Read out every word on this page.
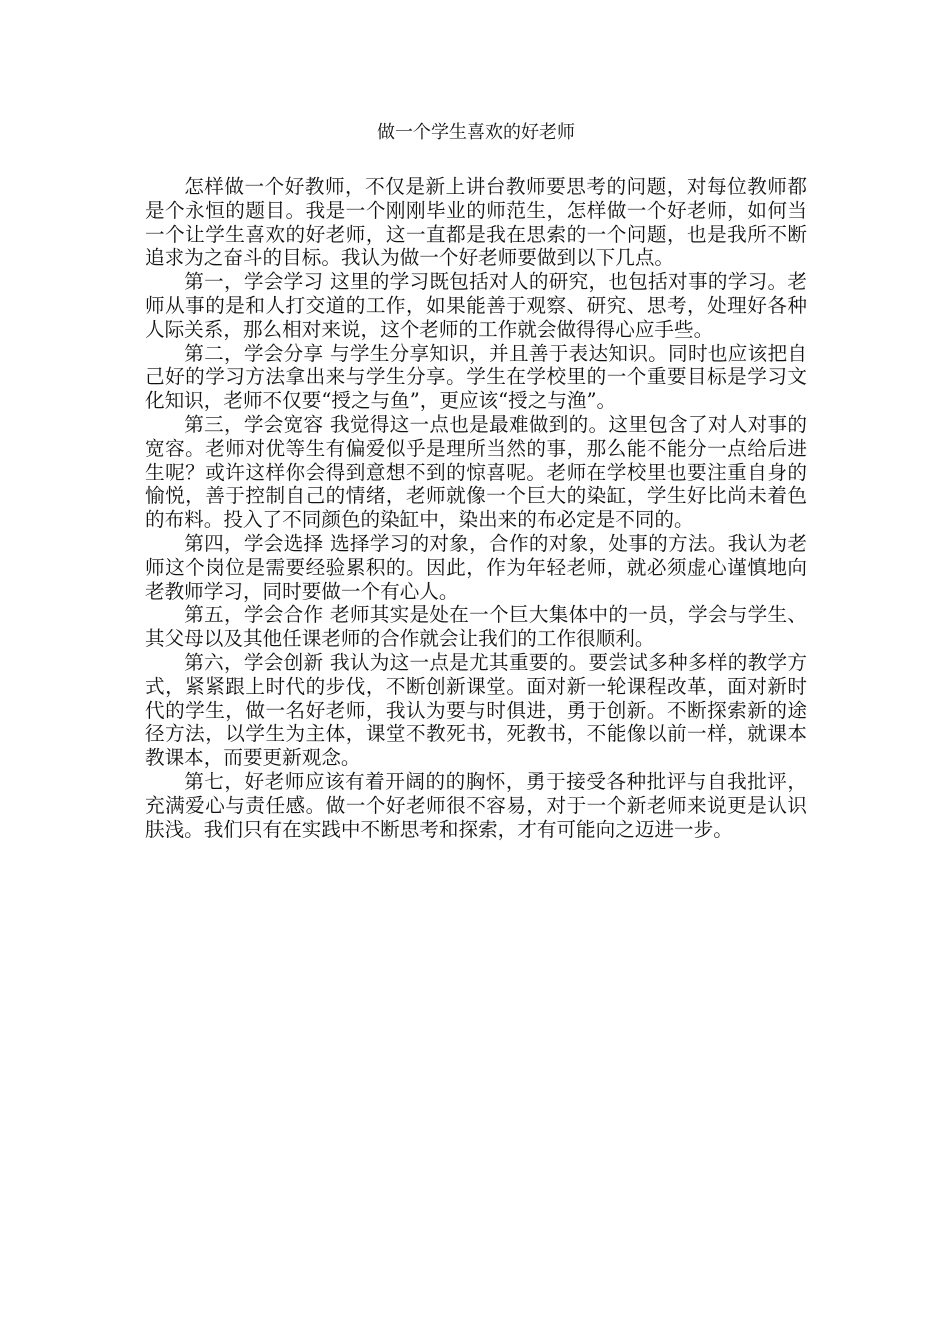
做一个学生喜欢的好老师

怎样做一个好教师，不仅是新上讲台教师要思考的问题，对每位教师都是个永恒的题目。我是一个刚刚毕业的师范生，怎样做一个好老师，如何当一个让学生喜欢的好老师，这一直都是我在思索的一个问题，也是我所不断追求为之奋斗的目标。我认为做一个好老师要做到以下几点。

第一，学会学习 这里的学习既包括对人的研究，也包括对事的学习。老师从事的是和人打交道的工作，如果能善于观察、研究、思考，处理好各种人际关系，那么相对来说，这个老师的工作就会做得得心应手些。

第二，学会分享 与学生分享知识，并且善于表达知识。同时也应该把自己好的学习方法拿出来与学生分享。学生在学校里的一个重要目标是学习文化知识，老师不仅要“授之与鱼”，更应该“授之与渔”。

第三，学会宽容 我觉得这一点也是最难做到的。这里包含了对人对事的宽容。老师对优等生有偏爱似乎是理所当然的事，那么能不能分一点给后进生呢？或许这样你会得到意想不到的惊喜呢。老师在学校里也要注重自身的愉悦，善于控制自己的情绪，老师就像一个巨大的染缸，学生好比尚未着色的布料。投入了不同颜色的染缸中，染出来的布必定是不同的。

第四，学会选择 选择学习的对象，合作的对象，处事的方法。我认为老师这个岗位是需要经验累积的。因此，作为年轻老师，就必须虚心谨慎地向老教师学习，同时要做一个有心人。

第五，学会合作 老师其实是处在一个巨大集体中的一员，学会与学生、其父母以及其他任课老师的合作就会让我们的工作很顺利。

第六，学会创新 我认为这一点是尤其重要的。要尝试多种多样的教学方式，紧紧跟上时代的步伐，不断创新课堂。面对新一轮课程改革，面对新时代的学生，做一名好老师，我认为要与时俱进，勇于创新。不断探索新的途径方法，以学生为主体，课堂不教死书，死教书，不能像以前一样，就课本教课本，而要更新观念。

第七，好老师应该有着开阔的的胸怀，勇于接受各种批评与自我批评，充满爱心与责任感。做一个好老师很不容易，对于一个新老师来说更是认识肤浅。我们只有在实践中不断思考和探索，才有可能向之迈进一步。
